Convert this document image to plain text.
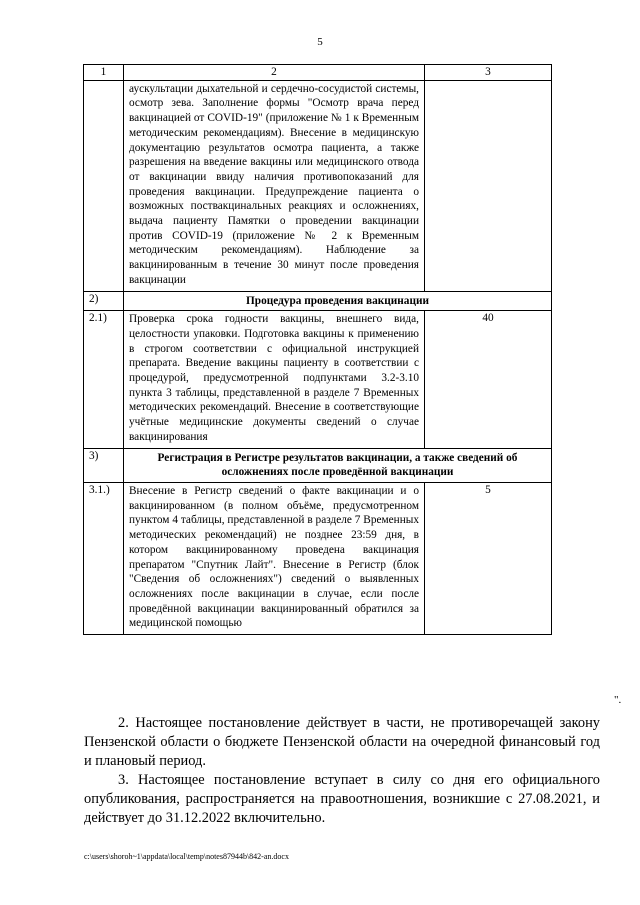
5
1	2	3
	аускультации дыхательной и сердечно-сосудистой системы, осмотр зева. Заполнение формы "Осмотр врача перед вакцинацией от COVID-19" (приложение № 1 к Временным методическим рекомендациям). Внесение в медицинскую документацию результатов осмотра пациента, а также разрешения на введение вакцины или медицинского отвода от вакцинации ввиду наличия противопоказаний для проведения вакцинации. Предупреждение пациента о возможных поствакцинальных реакциях и осложнениях, выдача пациенту Памятки о проведении вакцинации против COVID-19 (приложение № 2 к Временным методическим рекомендациям). Наблюдение за вакцинированным в течение 30 минут после проведения вакцинации	
2)	Процедура проведения вакцинации	
2.1)	Проверка срока годности вакцины, внешнего вида, целостности упаковки. Подготовка вакцины к применению в строгом соответствии с официальной инструкцией препарата. Введение вакцины пациенту в соответствии с процедурой, предусмотренной подпунктами 3.2-3.10 пункта 3 таблицы, представленной в разделе 7 Временных методических рекомендаций. Внесение в соответствующие учётные медицинские документы сведений о случае вакцинирования	40
3)	Регистрация в Регистре результатов вакцинации, а также сведений об осложнениях после проведённой вакцинации	
3.1.)	Внесение в Регистр сведений о факте вакцинации и о вакцинированном (в полном объёме, предусмотренном пунктом 4 таблицы, представленной в разделе 7 Временных методических рекомендаций) не позднее 23:59 дня, в котором вакцинированному проведена вакцинация препаратом "Спутник Лайт". Внесение в Регистр (блок "Сведения об осложнениях") сведений о выявленных осложнениях после вакцинации в случае, если после проведённой вакцинации вакцинированный обратился за медицинской помощью	5
".
2. Настоящее постановление действует в части, не противоречащей закону Пензенской области о бюджете Пензенской области на очередной финансовый год и плановый период.
3. Настоящее постановление вступает в силу со дня его официального опубликования, распространяется на правоотношения, возникшие с 27.08.2021, и действует до 31.12.2022 включительно.
c:\users\shoroh~1\appdata\local\temp\notes87944b\842-an.docx
